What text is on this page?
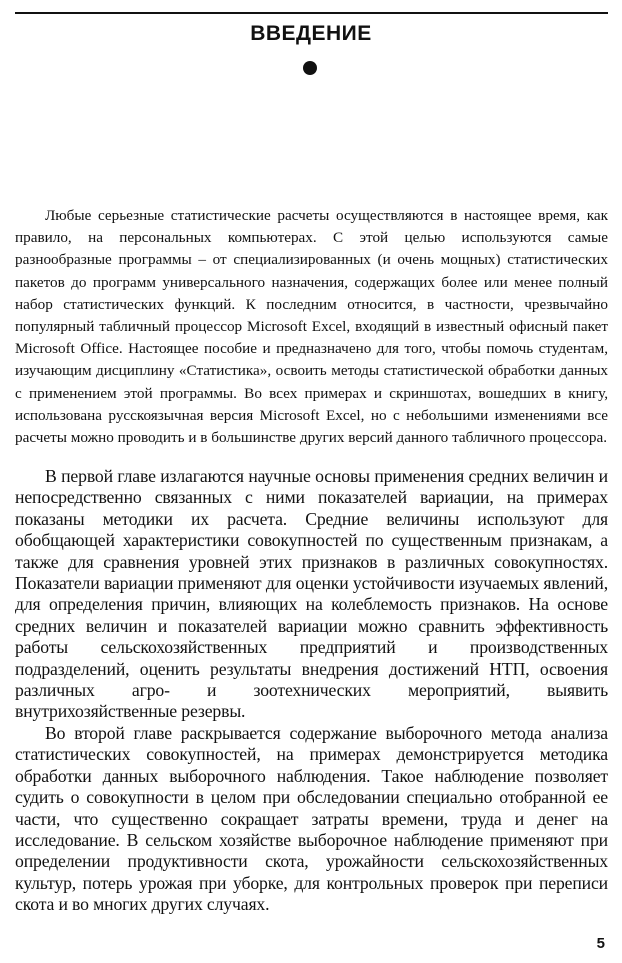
ВВЕДЕНИЕ

Любые серьезные статистические расчеты осуществляются в настоящее время, как правило, на персональных компьютерах. С этой целью используются самые разнообразные программы – от специализированных (и очень мощных) статистических пакетов до программ универсального назначения, содержащих более или менее полный набор статистических функций. К последним относится, в частности, чрезвычайно популярный табличный процессор Microsoft Excel, входящий в известный офисный пакет Microsoft Office. Настоящее пособие и предназначено для того, чтобы помочь студентам, изучающим дисциплину «Статистика», освоить методы статистической обработки данных с применением этой программы. Во всех примерах и скриншотах, вошедших в книгу, использована русскоязычная версия Microsoft Excel, но с небольшими изменениями все расчеты можно проводить и в большинстве других версий данного табличного процессора.

В первой главе излагаются научные основы применения средних величин и непосредственно связанных с ними показателей вариации, на примерах показаны методики их расчета. Средние величины используют для обобщающей характеристики совокупностей по существенным признакам, а также для сравнения уровней этих признаков в различных совокупностях. Показатели вариации применяют для оценки устойчивости изучаемых явлений, для определения причин, влияющих на колеблемость признаков. На основе средних величин и показателей вариации можно сравнить эффективность работы сельскохозяйственных предприятий и производственных подразделений, оценить результаты внедрения достижений НТП, освоения различных агро- и зоотехнических мероприятий, выявить внутрихозяйственные резервы.

Во второй главе раскрывается содержание выборочного метода анализа статистических совокупностей, на примерах демонстрируется методика обработки данных выборочного наблюдения. Такое наблюдение позволяет судить о совокупности в целом при обследовании специально отобранной ее части, что существенно сокращает затраты времени, труда и денег на исследование. В сельском хозяйстве выборочное наблюдение применяют при определении продуктивности скота, урожайности сельскохозяйственных культур, потерь урожая при уборке, для контрольных проверок при переписи скота и во многих других случаях.

5
